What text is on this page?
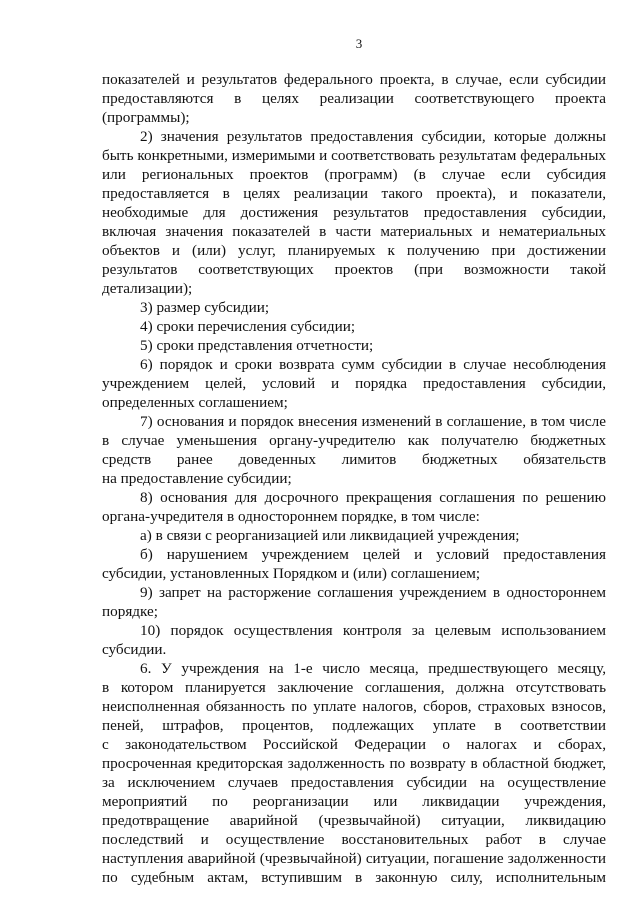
3
показателей и результатов федерального проекта, в случае, если субсидии
предоставляются в целях реализации соответствующего проекта
(программы);
2) значения результатов предоставления субсидии, которые должны
быть конкретными, измеримыми и соответствовать результатам федеральных
или региональных проектов (программ) (в случае если субсидия
предоставляется в целях реализации такого проекта), и показатели,
необходимые для достижения результатов предоставления субсидии,
включая значения показателей в части материальных и нематериальных
объектов и (или) услуг, планируемых к получению при достижении
результатов соответствующих проектов (при возможности такой
детализации);
3) размер субсидии;
4) сроки перечисления субсидии;
5) сроки представления отчетности;
6) порядок и сроки возврата сумм субсидии в случае несоблюдения
учреждением целей, условий и порядка предоставления субсидии,
определенных соглашением;
7) основания и порядок внесения изменений в соглашение, в том числе
в случае уменьшения органу-учредителю как получателю бюджетных
средств ранее доведенных лимитов бюджетных обязательств
на предоставление субсидии;
8) основания для досрочного прекращения соглашения по решению
органа-учредителя в одностороннем порядке, в том числе:
а) в связи с реорганизацией или ликвидацией учреждения;
б) нарушением учреждением целей и условий предоставления
субсидии, установленных Порядком и (или) соглашением;
9) запрет на расторжение соглашения учреждением в одностороннем
порядке;
10) порядок осуществления контроля за целевым использованием
субсидии.
6. У учреждения на 1-е число месяца, предшествующего месяцу,
в котором планируется заключение соглашения, должна отсутствовать
неисполненная обязанность по уплате налогов, сборов, страховых взносов,
пеней, штрафов, процентов, подлежащих уплате в соответствии
с законодательством Российской Федерации о налогах и сборах,
просроченная кредиторская задолженность по возврату в областной бюджет,
за исключением случаев предоставления субсидии на осуществление
мероприятий по реорганизации или ликвидации учреждения,
предотвращение аварийной (чрезвычайной) ситуации, ликвидацию
последствий и осуществление восстановительных работ в случае
наступления аварийной (чрезвычайной) ситуации, погашение задолженности
по судебным актам, вступившим в законную силу, исполнительным
